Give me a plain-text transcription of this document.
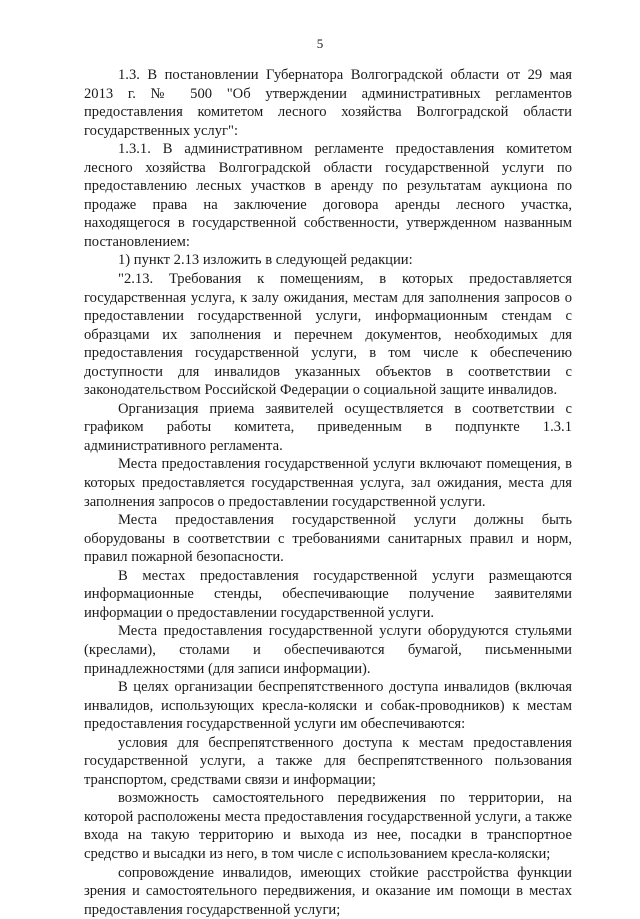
5

1.3. В постановлении Губернатора Волгоградской области от 29 мая 2013 г. № 500 "Об утверждении административных регламентов предоставления комитетом лесного хозяйства Волгоградской области государственных услуг":

1.3.1. В административном регламенте предоставления комитетом лесного хозяйства Волгоградской области государственной услуги по предоставлению лесных участков в аренду по результатам аукциона по продаже права на заключение договора аренды лесного участка, находящегося в государственной собственности, утвержденном названным постановлением:

1) пункт 2.13 изложить в следующей редакции:

"2.13. Требования к помещениям, в которых предоставляется государственная услуга, к залу ожидания, местам для заполнения запросов о предоставлении государственной услуги, информационным стендам с образцами их заполнения и перечнем документов, необходимых для предоставления государственной услуги, в том числе к обеспечению доступности для инвалидов указанных объектов в соответствии с законодательством Российской Федерации о социальной защите инвалидов.

Организация приема заявителей осуществляется в соответствии с графиком работы комитета, приведенным в подпункте 1.3.1 административного регламента.

Места предоставления государственной услуги включают помещения, в которых предоставляется государственная услуга, зал ожидания, места для заполнения запросов о предоставлении государственной услуги.

Места предоставления государственной услуги должны быть оборудованы в соответствии с требованиями санитарных правил и норм, правил пожарной безопасности.

В местах предоставления государственной услуги размещаются информационные стенды, обеспечивающие получение заявителями информации о предоставлении государственной услуги.

Места предоставления государственной услуги оборудуются стульями (креслами), столами и обеспечиваются бумагой, письменными принадлежностями (для записи информации).

В целях организации беспрепятственного доступа инвалидов (включая инвалидов, использующих кресла-коляски и собак-проводников) к местам предоставления государственной услуги им обеспечиваются:

условия для беспрепятственного доступа к местам предоставления государственной услуги, а также для беспрепятственного пользования транспортом, средствами связи и информации;

возможность самостоятельного передвижения по территории, на которой расположены места предоставления государственной услуги, а также входа на такую территорию и выхода из нее, посадки в транспортное средство и высадки из него, в том числе с использованием кресла-коляски;

сопровождение инвалидов, имеющих стойкие расстройства функции зрения и самостоятельного передвижения, и оказание им помощи в местах предоставления государственной услуги;
